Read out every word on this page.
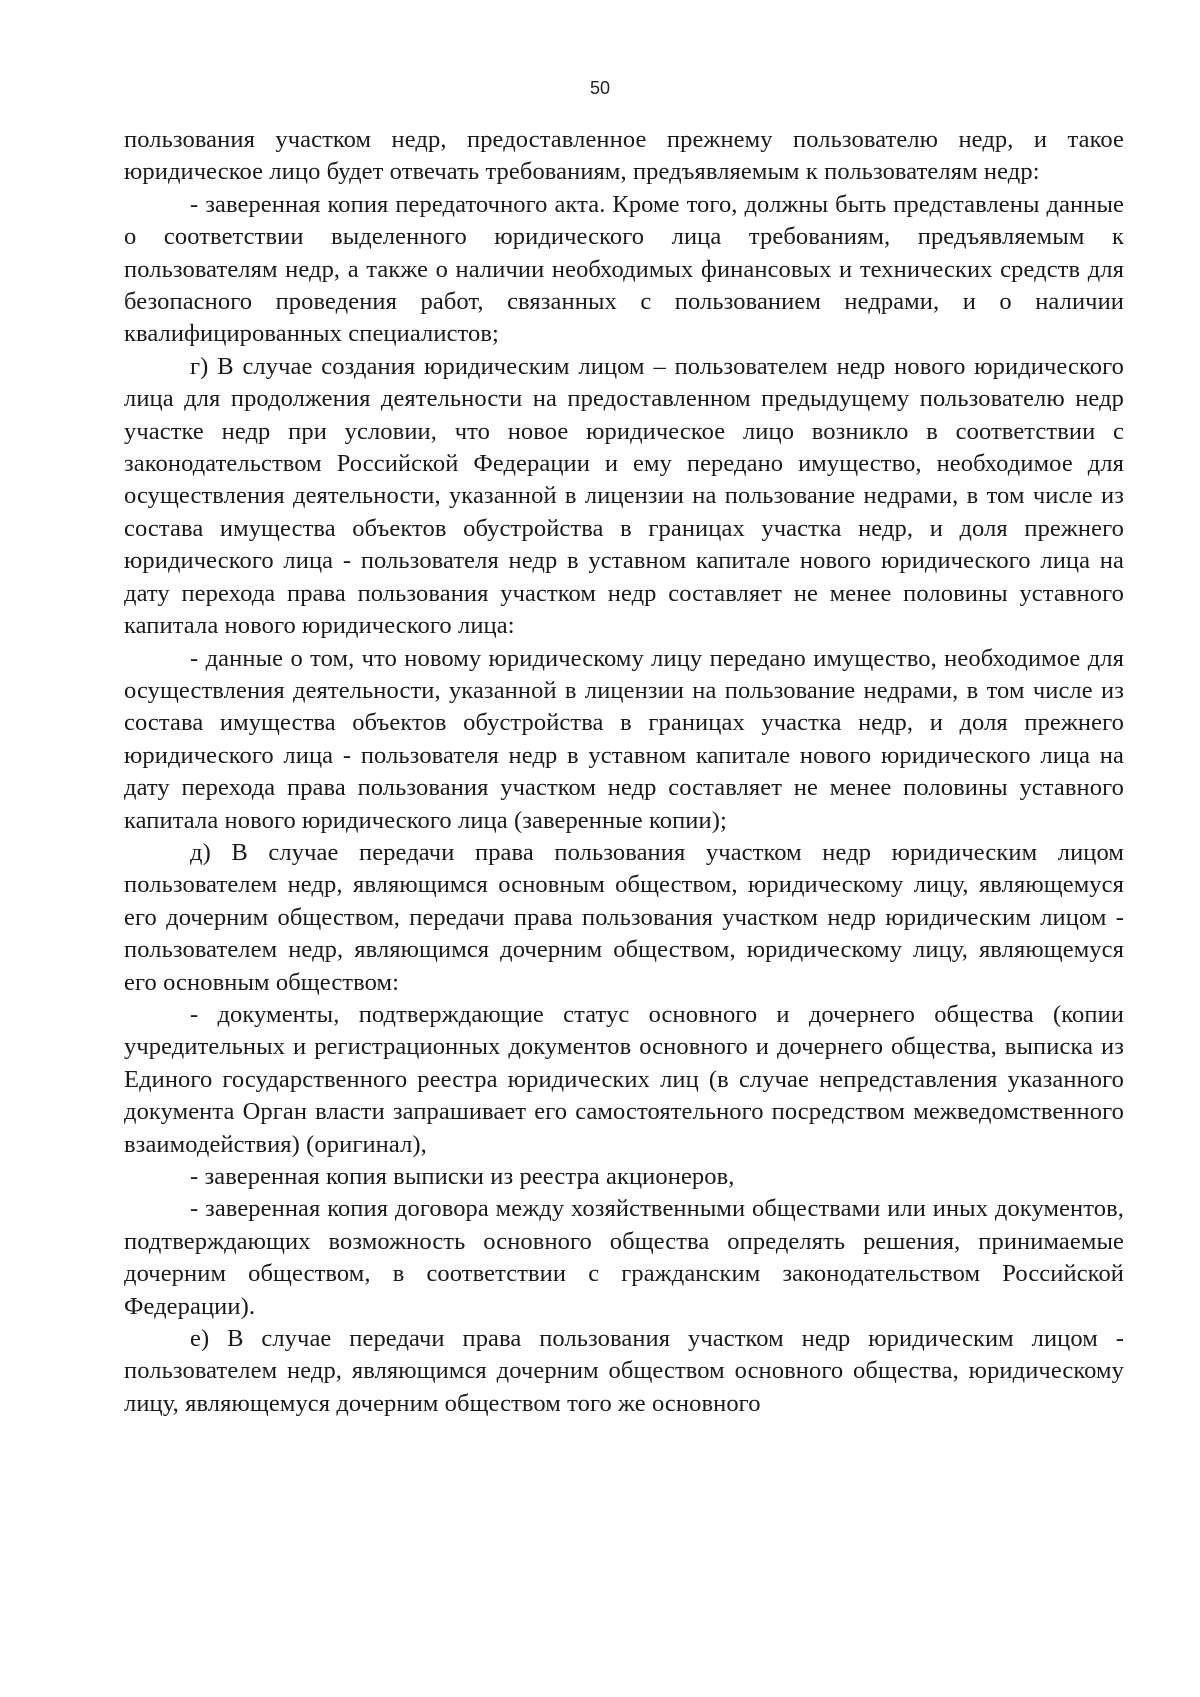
50

пользования участком недр, предоставленное прежнему пользователю недр, и такое юридическое лицо будет отвечать требованиям, предъявляемым к пользователям недр:

- заверенная копия передаточного акта. Кроме того, должны быть представлены данные о соответствии выделенного юридического лица требованиям, предъявляемым к пользователям недр, а также о наличии необходимых финансовых и технических средств для безопасного проведения работ, связанных с пользованием недрами, и о наличии квалифицированных специалистов;

г) В случае создания юридическим лицом – пользователем недр нового юридического лица для продолжения деятельности на предоставленном предыдущему пользователю недр участке недр при условии, что новое юридическое лицо возникло в соответствии с законодательством Российской Федерации и ему передано имущество, необходимое для осуществления деятельности, указанной в лицензии на пользование недрами, в том числе из состава имущества объектов обустройства в границах участка недр, и доля прежнего юридического лица - пользователя недр в уставном капитале нового юридического лица на дату перехода права пользования участком недр составляет не менее половины уставного капитала нового юридического лица:

- данные о том, что новому юридическому лицу передано имущество, необходимое для осуществления деятельности, указанной в лицензии на пользование недрами, в том числе из состава имущества объектов обустройства в границах участка недр, и доля прежнего юридического лица - пользователя недр в уставном капитале нового юридического лица на дату перехода права пользования участком недр составляет не менее половины уставного капитала нового юридического лица (заверенные копии);

д) В случае передачи права пользования участком недр юридическим лицом пользователем недр, являющимся основным обществом, юридическому лицу, являющемуся его дочерним обществом, передачи права пользования участком недр юридическим лицом - пользователем недр, являющимся дочерним обществом, юридическому лицу, являющемуся его основным обществом:

- документы, подтверждающие статус основного и дочернего общества (копии учредительных и регистрационных документов основного и дочернего общества, выписка из Единого государственного реестра юридических лиц (в случае непредставления указанного документа Орган власти запрашивает его самостоятельного посредством межведомственного взаимодействия) (оригинал),

- заверенная копия выписки из реестра акционеров,

- заверенная копия договора между хозяйственными обществами или иных документов, подтверждающих возможность основного общества определять решения, принимаемые дочерним обществом, в соответствии с гражданским законодательством Российской Федерации).

е) В случае передачи права пользования участком недр юридическим лицом - пользователем недр, являющимся дочерним обществом основного общества, юридическому лицу, являющемуся дочерним обществом того же основного
